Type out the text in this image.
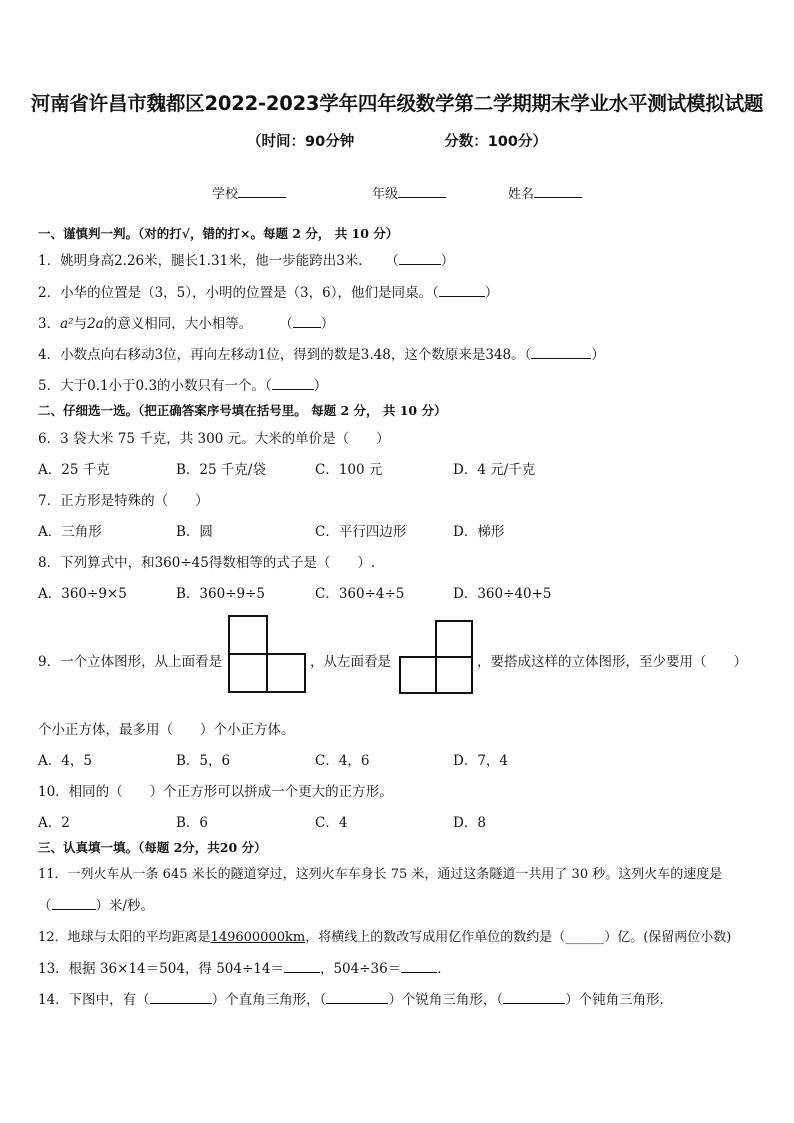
河南省许昌市魏都区2022-2023学年四年级数学第二学期期末学业水平测试模拟试题
（时间：90分钟	分数：100分）
学校	年级	姓名
一、谨慎判一判。（对的打√，错的打×。每题 2 分， 共 10 分）
1．姚明身高2.26米，腿长1.31米，他一步能跨出3米．　　（	）
2．小华的位置是（3，5），小明的位置是（3，6），他们是同桌。（	）
3．a²与2a的意义相同，大小相等。　　　（ ）
4．小数点向右移动3位，再向左移动1位，得到的数是3.48，这个数原来是348。（	）
5．大于0.1小于0.3的小数只有一个。（	）
二、仔细选一选。（把正确答案序号填在括号里。 每题 2 分， 共 10 分）
6．3 袋大米 75 千克，共 300 元。大米的单价是（　　）
A．25 千克	B．25 千克/袋	C．100 元	D．4 元/千克
7．正方形是特殊的（　　）
A．三角形	B．圆	C．平行四边形	D．梯形
8．下列算式中，和360÷45得数相等的式子是（　　）.
A．360÷9×5	B．360÷9÷5	C．360÷4÷5	D．360÷40+5
9．一个立体图形，从上面看是	，从左面看是	，要搭成这样的立体图形，至少要用（　　）
个小正方体，最多用（　　）个小正方体。
A．4，5	B．5，6	C．4，6	D．7，4
10．相同的（　　）个正方形可以拼成一个更大的正方形。
A．2	B．6	C．4	D．8
三、认真填一填。（每题 2分，共20 分）
11．一列火车从一条 645 米长的隧道穿过，这列火车车身长 75 米，通过这条隧道一共用了 30 秒。这列火车的速度是
（	）米/秒。
12．地球与太阳的平均距离是149600000km，将横线上的数改写成用亿作单位的数约是（______）亿。(保留两位小数)
13．根据 36×14＝504，得 504÷14＝	，504÷36＝	．
14．下图中，有（	）个直角三角形，（	）个锐角三角形，（	）个钝角三角形．
